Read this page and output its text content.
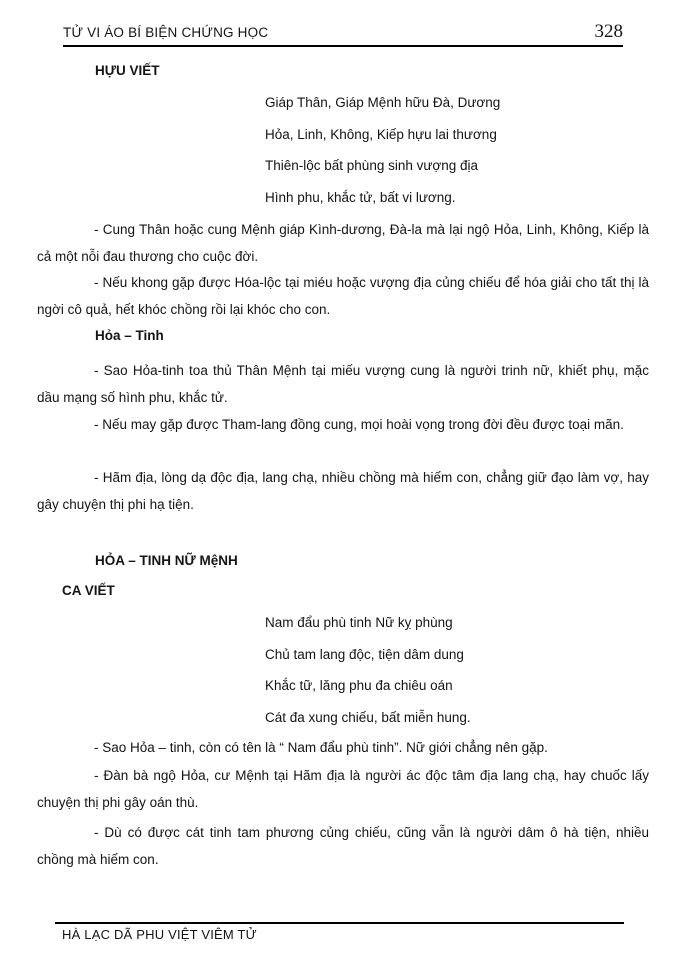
TỬ VI ÁO BÍ BIỆN CHỨNG HỌC	328
HỰU VIẾT
Giáp Thân, Giáp Mệnh hữu Đà, Dương
Hỏa, Linh, Không, Kiếp hựu lai thương
Thiên-lộc bất phùng sinh vượng địa
Hình phu, khắc tử, bất vi lương.
- Cung Thân hoặc cung Mệnh giáp Kình-dương, Đà-la mà lại ngộ Hỏa, Linh, Không, Kiếp là cả một nỗi đau thương cho cuộc đời.
- Nếu khong gặp được Hóa-lộc tại miéu hoặc vượng địa củng chiếu để hóa giải cho tất thị là ngời cô quả, hết khóc chồng rồi lại khóc cho con.
Hỏa – Tinh
- Sao Hỏa-tinh toa thủ Thân Mệnh tại miếu vượng cung là người trinh nữ, khiết phụ, mặc dầu mạng số hình phu, khắc tử.
- Nếu may gặp được Tham-lang đồng cung, mọi hoài vọng trong đời đều được toại mãn.
- Hãm địa, lòng dạ độc địa, lang chạ, nhiều chồng mà hiếm con, chẳng giữ đạo làm vợ, hay gây chuyện thị phi hạ tiện.
HỎA – TINH NỮ MệNH
CA VIẾT
Nam đẩu phù tinh Nữ kỵ phùng
Chủ tam lang độc, tiện dâm dung
Khắc tữ, lăng phu đa chiêu oán
Cát đa xung chiếu, bất miễn hung.
- Sao Hỏa – tinh, còn có tên là “ Nam đẩu phù tinh”. Nữ giới chẳng nên gặp.
- Đàn bà ngộ Hỏa, cư Mệnh tại Hãm địa là người ác độc tâm địa lang chạ, hay chuốc lấy chuyện thị phi gây oán thù.
- Dù có được cát tinh tam phương củng chiếu, cũng vẫn là người dâm ô hà tiện, nhiều chồng mà hiếm con.
HÀ LẠC DÃ PHU VIỆT VIÊM TỬ
